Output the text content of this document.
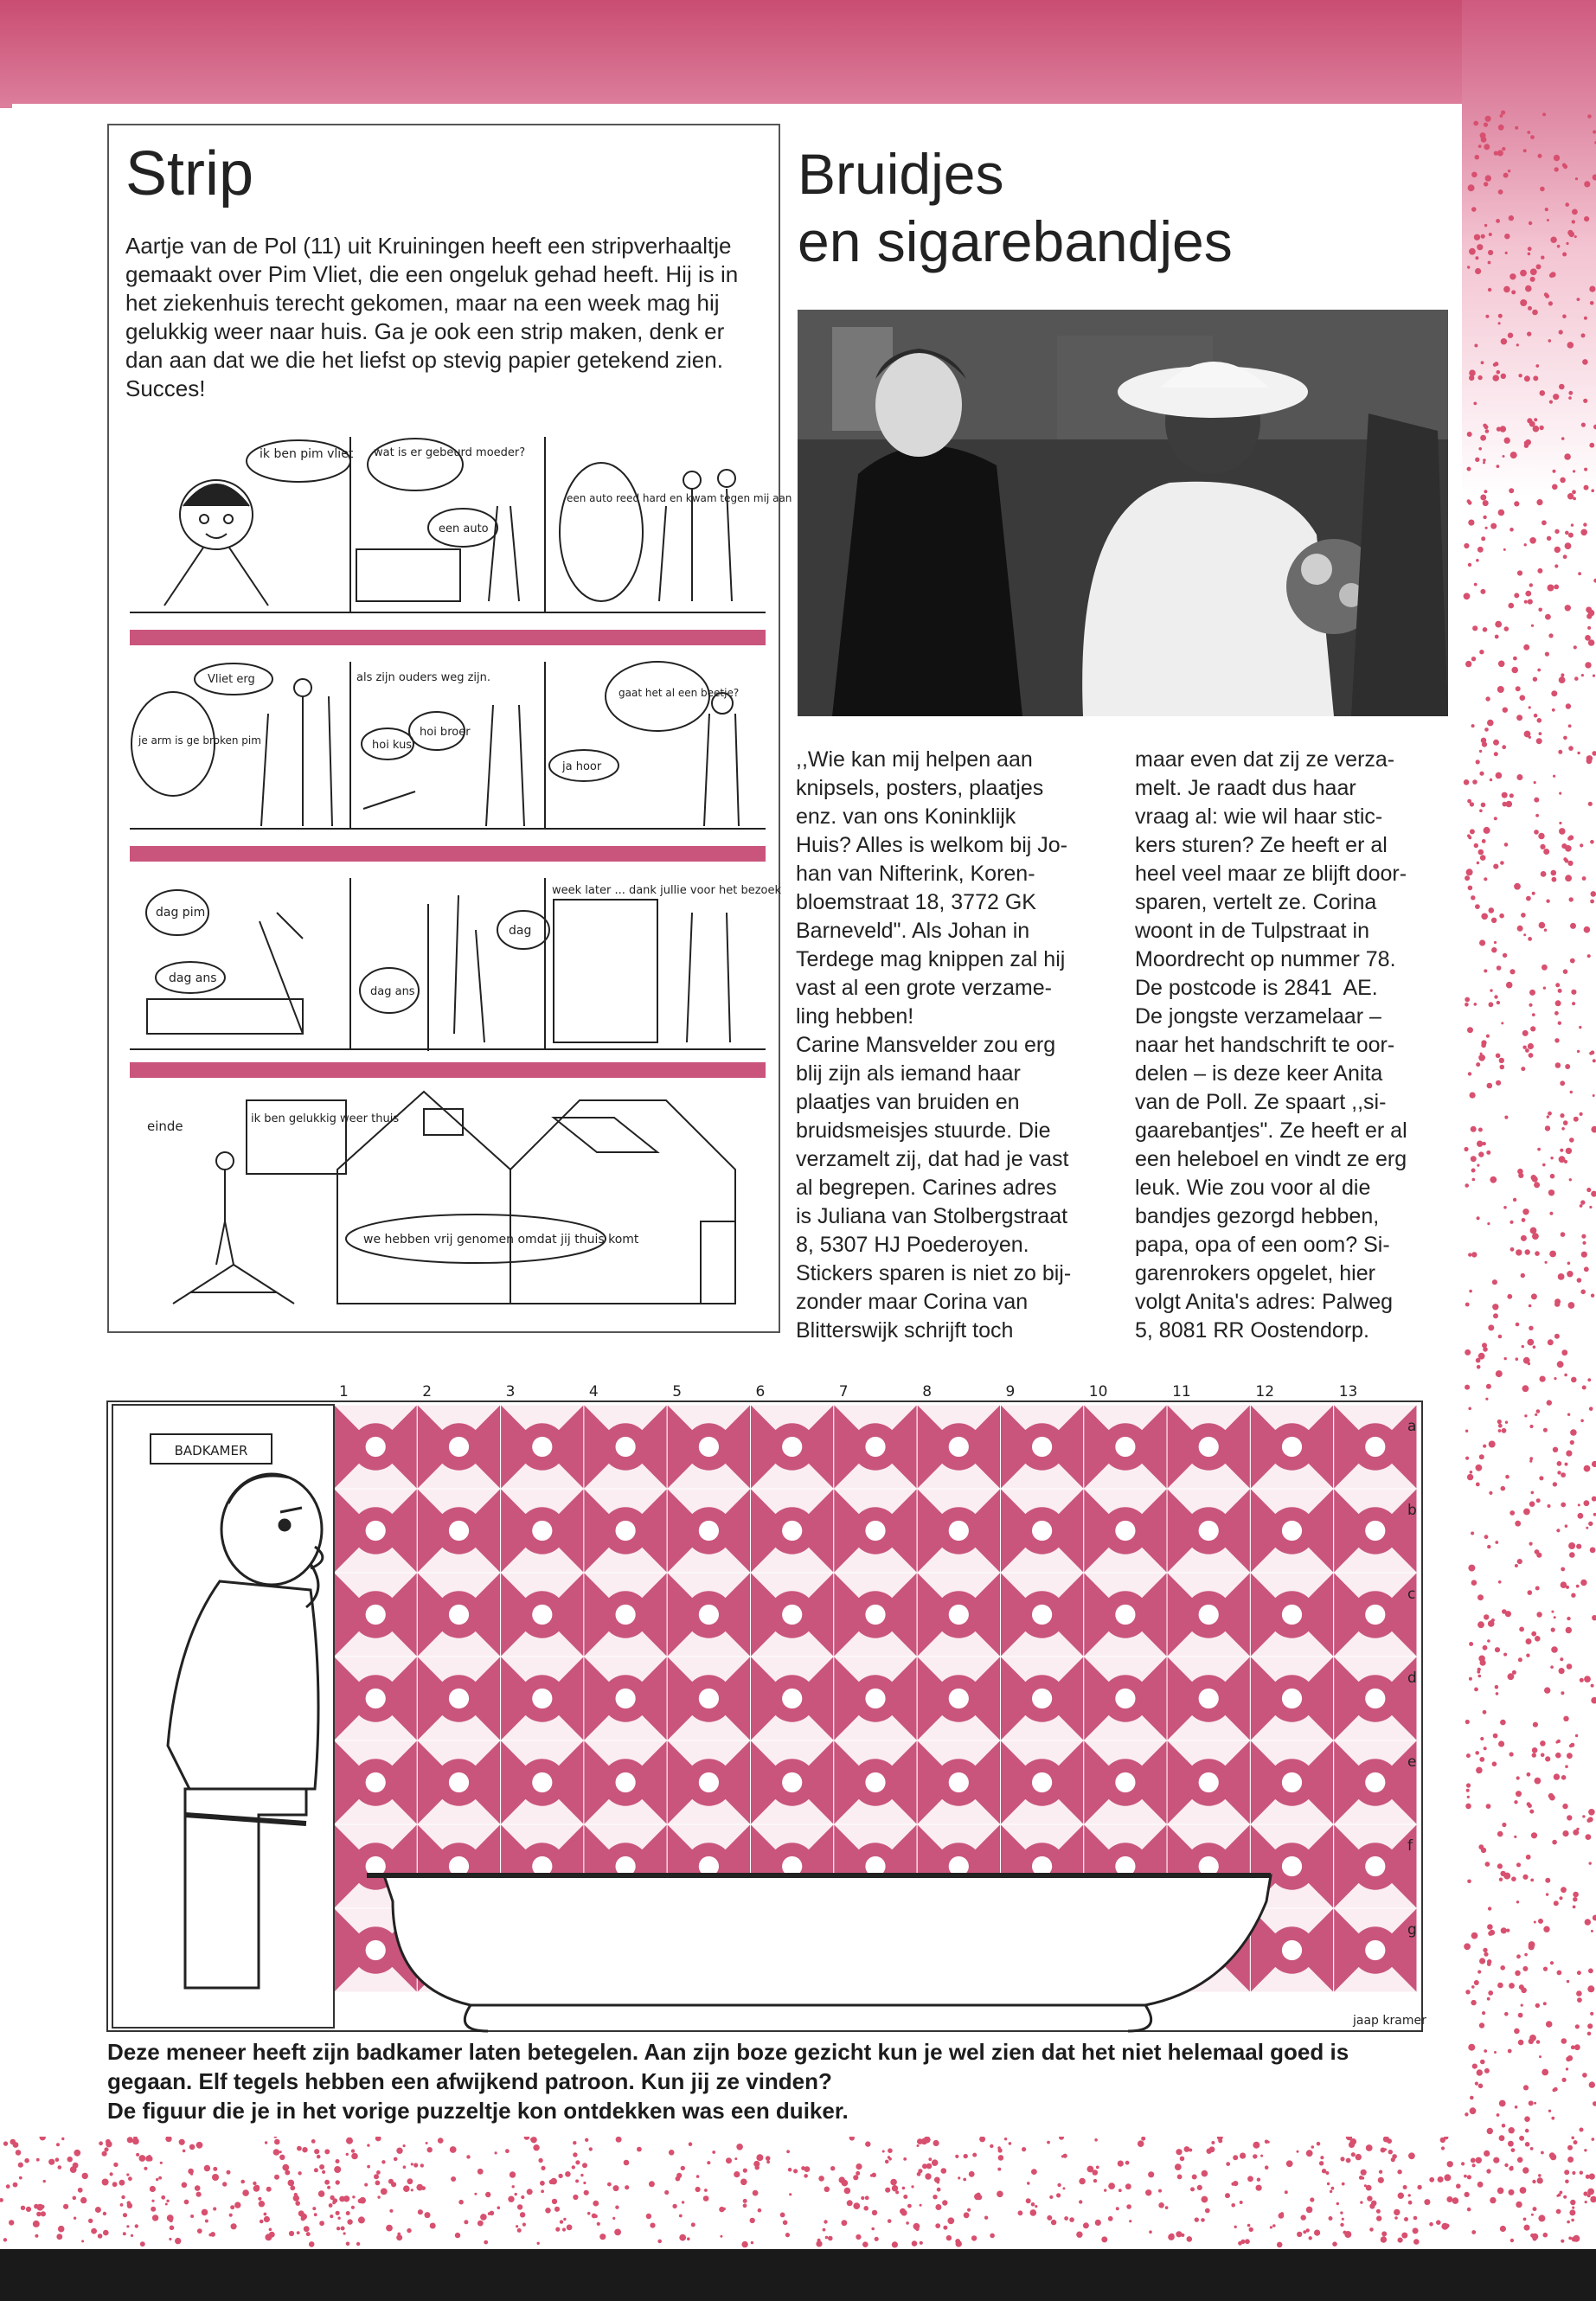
Strip

Aartje van de Pol (11) uit Kruiningen heeft een stripverhaaltje gemaakt over Pim Vliet, die een ongeluk gehad heeft. Hij is in het ziekenhuis terecht gekomen, maar na een week mag hij gelukkig weer naar huis. Ga je ook een strip maken, denk er dan aan dat we die het liefst op stevig papier getekend zien. Succes!

ik ben pim vliet wat is er gebeurd moeder?
een auto
een auto reed hard en kwam tegen mij aan
Vliet erg
je arm is ge broken pim
als zijn ouders weg zijn.
hoi kus
hoi broer
gaat het al een beetje?
ja hoor
dag pim
dag ans
dag
dag ans
week later ... dank jullie voor het bezoek
einde	ik ben gelukkig weer thuis
we hebben vrij genomen omdat jij thuis komt
Bruidjes
en sigarebandjes

,,Wie kan mij helpen aan
knipsels, posters, plaatjes
enz. van ons Koninklijk
Huis? Alles is welkom bij Jo-
han van Nifterink, Koren-
bloemstraat 18, 3772 GK
Barneveld". Als Johan in
Terdege mag knippen zal hij
vast al een grote verzame-
ling hebben!
Carine Mansvelder zou erg
blij zijn als iemand haar
plaatjes van bruiden en
bruidsmeisjes stuurde. Die
verzamelt zij, dat had je vast
al begrepen. Carines adres
is Juliana van Stolbergstraat
8, 5307 HJ Poederoyen.
Stickers sparen is niet zo bij-
zonder maar Corina van
Blitterswijk schrijft toch

maar even dat zij ze verza-
melt. Je raadt dus haar
vraag al: wie wil haar stic-
kers sturen? Ze heeft er al
heel veel maar ze blijft door-
sparen, vertelt ze. Corina
woont in de Tulpstraat in
Moordrecht op nummer 78.
De postcode is 2841  AE.
De jongste verzamelaar –
naar het handschrift te oor-
delen – is deze keer Anita
van de Poll. Ze spaart ,,si-
gaarebantjes". Ze heeft er al
een heleboel en vindt ze erg
leuk. Wie zou voor al die
bandjes gezorgd hebben,
papa, opa of een oom? Si-
garenrokers opgelet, hier
volgt Anita's adres: Palweg
5, 8081 RR Oostendorp.

1	2	3	4	5	6	7	8	9	10	11	12	13
a
b
c
d
e
f
g
BADKAMER
jaap kramer

Deze meneer heeft zijn badkamer laten betegelen. Aan zijn boze gezicht kun je wel zien dat het niet helemaal goed is
gegaan. Elf tegels hebben een afwijkend patroon. Kun jij ze vinden?
De figuur die je in het vorige puzzeltje kon ontdekken was een duiker.
